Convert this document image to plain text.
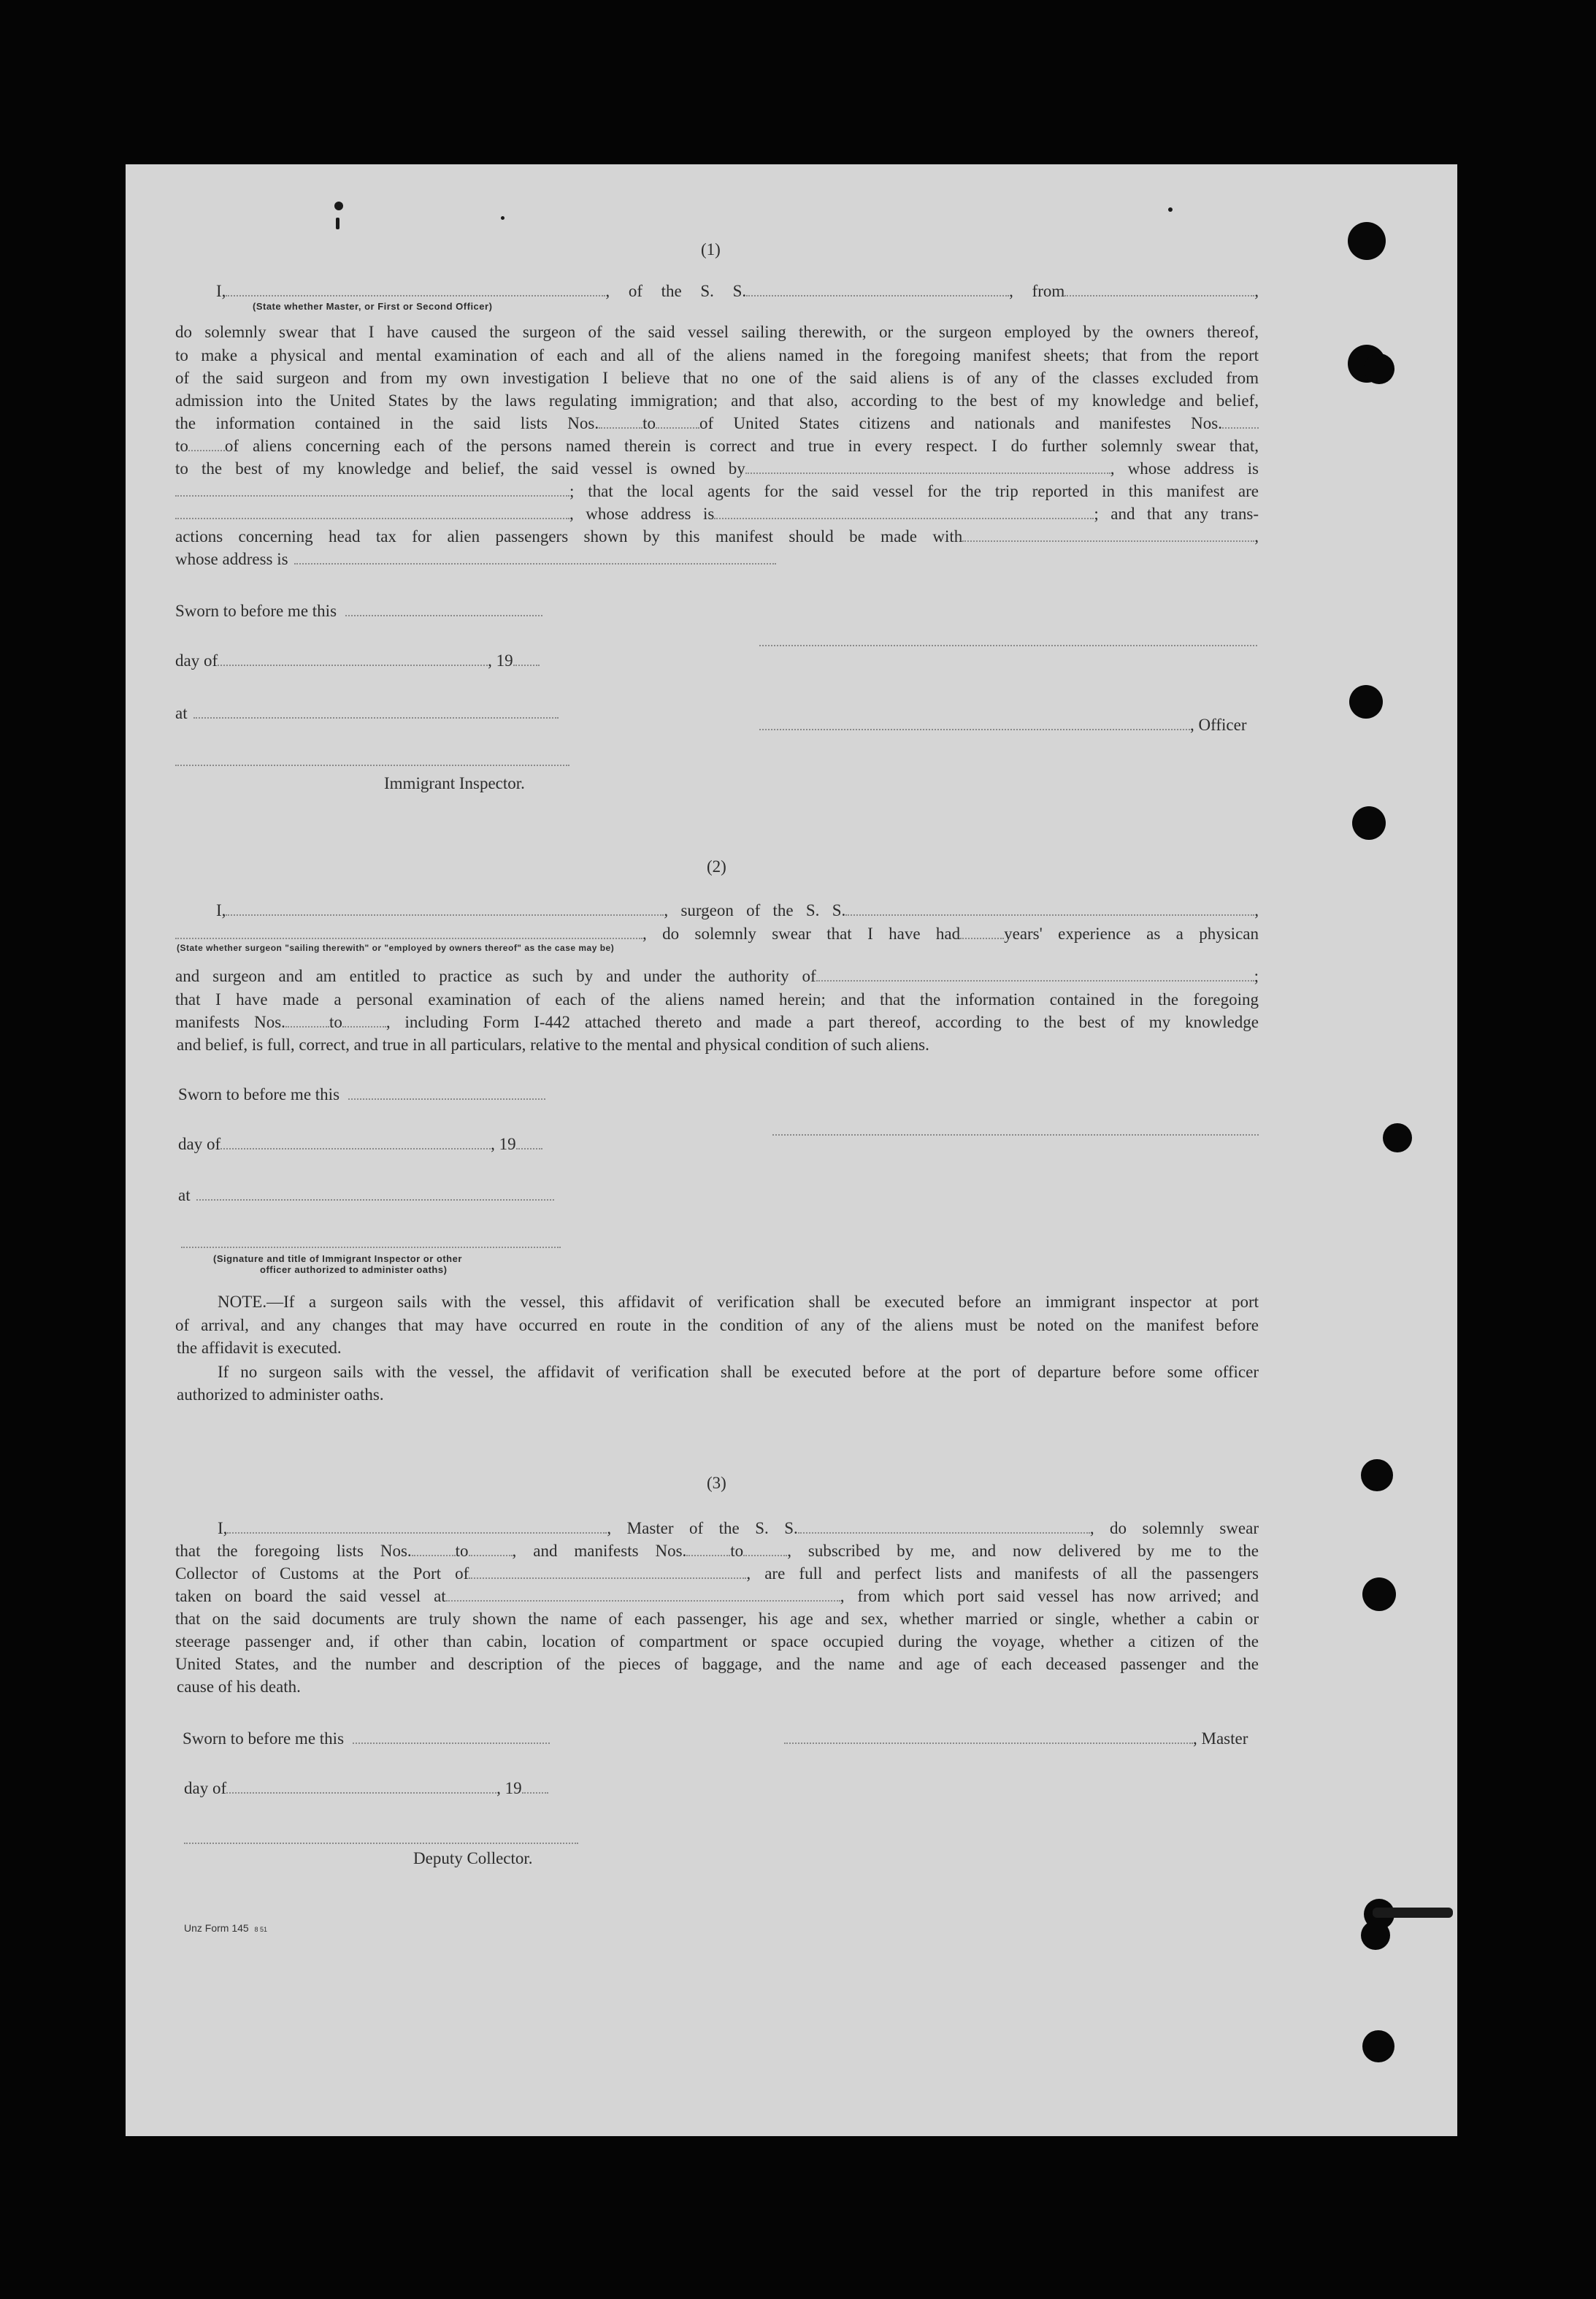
(1)
I,	, of the S. S.	, from	,
(State whether Master, or First or Second Officer)
do solemnly swear that I have caused the surgeon of the said vessel sailing therewith, or the surgeon employed by the owners thereof,
to make a physical and mental examination of each and all of the aliens named in the foregoing manifest sheets; that from the report
of the said surgeon and from my own investigation I believe that no one of the said aliens is of any of the classes excluded from
admission into the United States by the laws regulating immigration; and that also, according to the best of my knowledge and belief,
the information contained in the said lists Nos.	to	of United States citizens and nationals and manifestes Nos.
to of aliens concerning each of the persons named therein is correct and true in every respect. I do further solemnly swear that,
to the best of my knowledge and belief, the said vessel is owned by	, whose address is
; that the local agents for the said vessel for the trip reported in this manifest are
, whose address is	; and that any trans-
actions concerning head tax for alien passengers shown by this manifest should be made with	,
whose address is
Sworn to before me this
day of	, 19
at
, Officer
Immigrant Inspector.
(2)
I,	, surgeon of the S. S.	,
, do solemnly swear that I have had	years' experience as a physican
(State whether surgeon "sailing therewith" or "employed by owners thereof" as the case may be)
and surgeon and am entitled to practice as such by and under the authority of	;
that I have made a personal examination of each of the aliens named herein; and that the information contained in the foregoing
manifests Nos.	to	, including Form I-442 attached thereto and made a part thereof, according to the best of my knowledge
and belief, is full, correct, and true in all particulars, relative to the mental and physical condition of such aliens.
Sworn to before me this
day of	, 19
at
(Signature and title of Immigrant Inspector or other
officer authorized to administer oaths)
NOTE.—If a surgeon sails with the vessel, this affidavit of verification shall be executed before an immigrant inspector at port
of arrival, and any changes that may have occurred en route in the condition of any of the aliens must be noted on the manifest before
the affidavit is executed.
If no surgeon sails with the vessel, the affidavit of verification shall be executed before at the port of departure before some officer
authorized to administer oaths.
(3)
I,	, Master of the S. S.	, do solemnly swear
that the foregoing lists Nos.	to	, and manifests Nos.	to	, subscribed by me, and now delivered by me to the
Collector of Customs at the Port of	, are full and perfect lists and manifests of all the passengers
taken on board the said vessel at	, from which port said vessel has now arrived; and
that on the said documents are truly shown the name of each passenger, his age and sex, whether married or single, whether a cabin or
steerage passenger and, if other than cabin, location of compartment or space occupied during the voyage, whether a citizen of the
United States, and the number and description of the pieces of baggage, and the name and age of each deceased passenger and the
cause of his death.
Sworn to before me this	, Master
day of	, 19
Deputy Collector.
Unz Form 145 8 51
